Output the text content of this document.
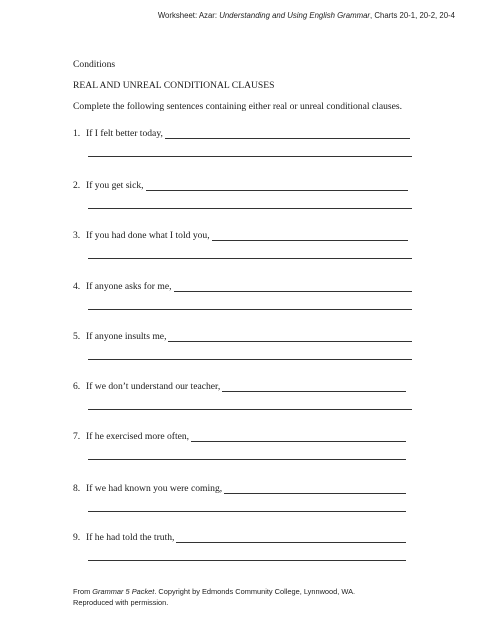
Worksheet: Azar: Understanding and Using English Grammar, Charts 20-1, 20-2, 20-4
Conditions
REAL AND UNREAL CONDITIONAL CLAUSES
Complete the following sentences containing either real or unreal conditional clauses.
1. If I felt better today,
2. If you get sick,
3. If you had done what I told you,
4. If anyone asks for me,
5. If anyone insults me,
6. If we don’t understand our teacher,
7. If he exercised more often,
8. If we had known you were coming,
9. If he had told the truth,
From Grammar 5 Packet. Copyright by Edmonds Community College, Lynnwood, WA.
Reproduced with permission.
